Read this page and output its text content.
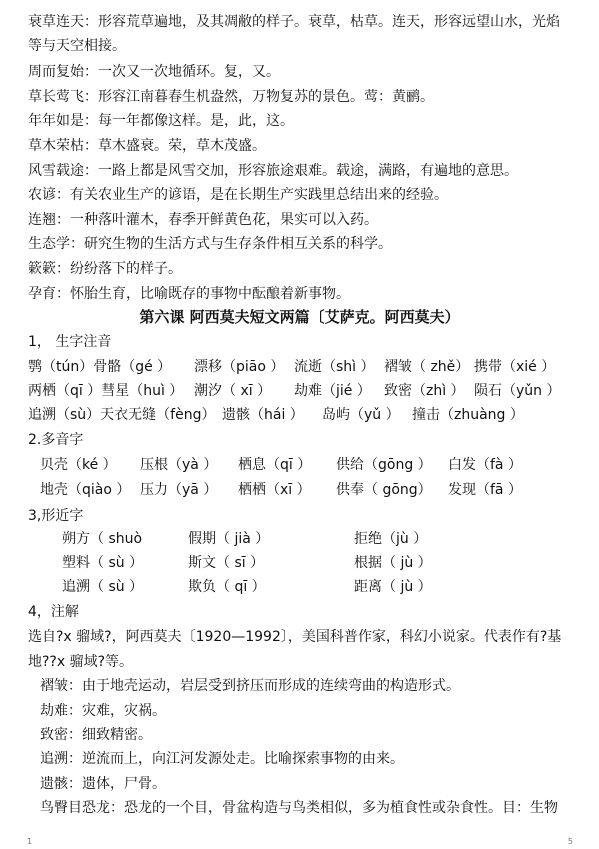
衰草连天：形容荒草遍地，及其凋敝的样子。衰草，枯草。连天，形容远望山水，光焰
等与天空相接。
周而复始：一次又一次地循环。复，又。
草长莺飞：形容江南暮春生机盎然，万物复苏的景色。莺：黄鹂。
年年如是：每一年都像这样。是，此，这。
草木荣枯：草木盛衰。荣，草木茂盛。
风雪载途：一路上都是风雪交加，形容旅途艰难。载途，满路，有遍地的意思。
农谚：有关农业生产的谚语，是在长期生产实践里总结出来的经验。
连翘：一种落叶灌木，春季开鲜黄色花，果实可以入药。
生态学：研究生物的生活方式与生存条件相互关系的科学。
簌簌：纷纷落下的样子。
孕育：怀胎生育，比喻既存的事物中酝酿着新事物。
第六课 阿西莫夫短文两篇〔艾萨克。阿西莫夫）
1， 生字注音
鹗（tún）骨骼（gé ） 漂移（piāo ） 流逝（shì ） 褶皱（ zhě） 携带（xié ）
两栖（qī ）彗星（huì ） 潮汐（ xī ） 劫难（jié ） 致密（zhì ） 陨石（yǔn ）
追溯（sù）天衣无缝（fèng） 遗骸（hái ） 岛屿（yǔ ） 撞击（zhuàng ）
2.多音字
贝壳（ké ） 压根（yà ） 栖息（qī ） 供给（gōng ） 白发（fà ）
地壳（qiào ） 压力（yā ） 栖栖（xī ） 供奉（ gōng） 发现（fā ）
3,形近字
朔方（ shuò	假期（ jià ）	拒绝（jù ）
塑料（ sù ）	斯文（ sī ）	根据（ jù ）
追溯（ sù ）	欺负（ qī ）	距离（ jù ）
4，注解
选自?x 骝域?，阿西莫夫〔1920—1992〕，美国科普作家，科幻小说家。代表作有?基
地??x 骝域?等。
褶皱：由于地壳运动，岩层受到挤压而形成的连续弯曲的构造形式。
劫难：灾难，灾祸。
致密：细致精密。
追溯：逆流而上，向江河发源处走。比喻探索事物的由来。
遗骸：遗体，尸骨。
鸟臀目恐龙：恐龙的一个目，骨盆构造与鸟类相似，多为植食性或杂食性。目：生物
1	5
